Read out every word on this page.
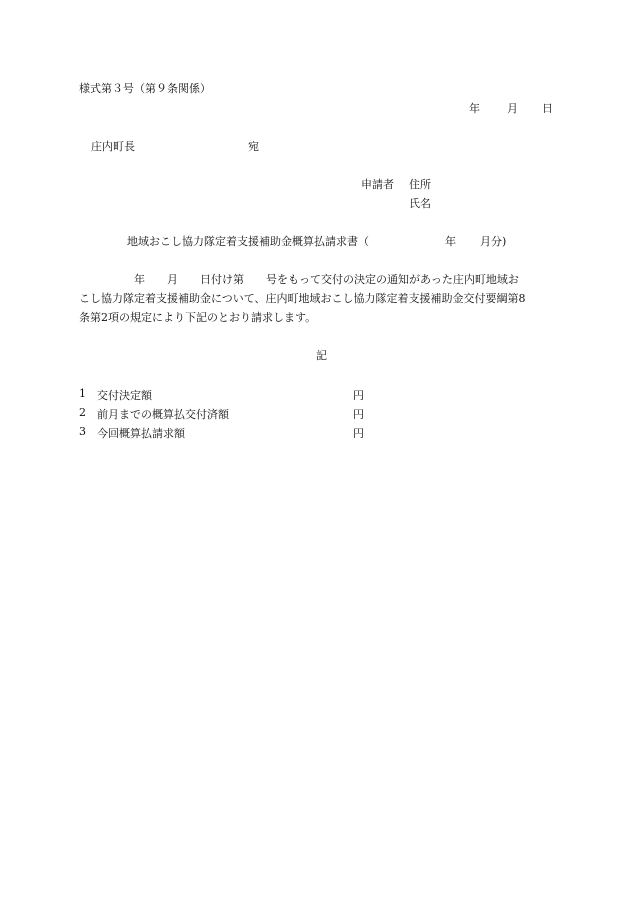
様式第３号（第９条関係）
年 月 日
庄内町長	宛
申請者 住所
氏名
地域おこし協力隊定着支援補助金概算払請求書（	年 月分)
　　　　　年　　月　　日付け第　　号をもって交付の決定の通知があった庄内町地域お
こし協力隊定着支援補助金について、庄内町地域おこし協力隊定着支援補助金交付要綱第8
条第2項の規定により下記のとおり請求します。
記
1 交付決定額	円
2 前月までの概算払交付済額	円
3 今回概算払請求額	円
